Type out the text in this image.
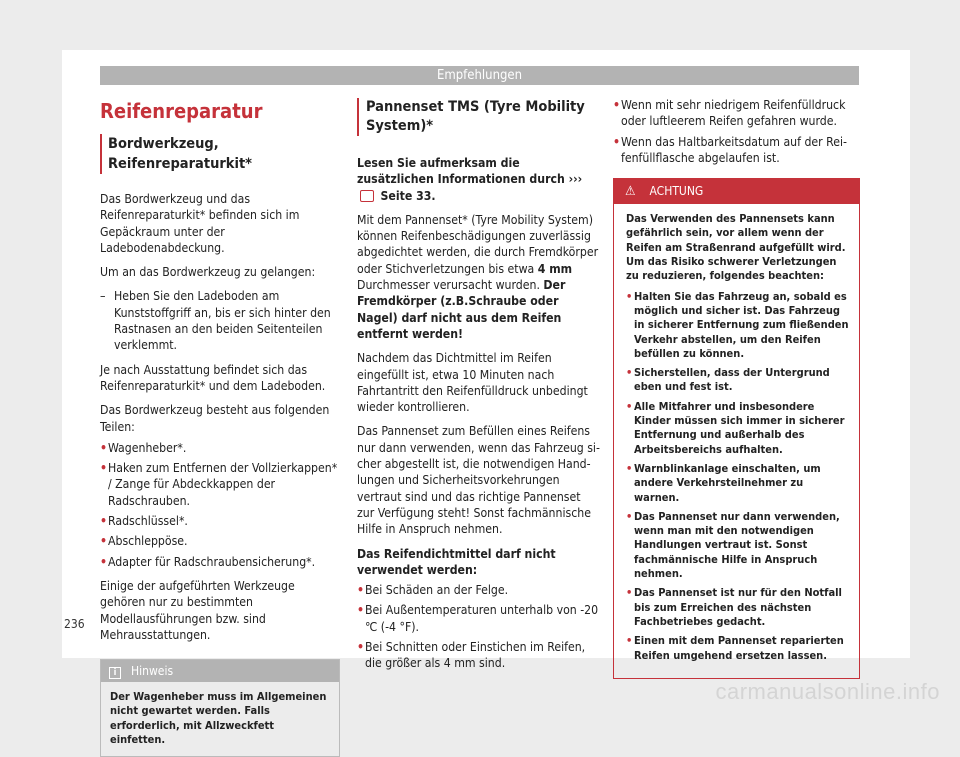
Empfehlungen
Reifenreparatur
Bordwerkzeug, Reifenreparaturkit*

Das Bordwerkzeug und das Reifenreparaturkit* befinden sich im Gepäckraum unter der Ladebodenabdeckung.

Um an das Bordwerkzeug zu gelangen:

– Heben Sie den Ladeboden am Kunststoffgriff an, bis er sich hinter den Rastnasen an den beiden Seitenteilen verklemmt.

Je nach Ausstattung befindet sich das Reifenreparaturkit* und dem Ladeboden.

Das Bordwerkzeug besteht aus folgenden Teilen:

• Wagenheber*.
• Haken zum Entfernen der Vollzierkappen* / Zange für Abdeckkappen der Radschrauben.
• Radschlüssel*.
• Abschleppöse.
• Adapter für Radschraubensicherung*.

Einige der aufgeführten Werkzeuge gehören nur zu bestimmten Modellausführungen bzw. sind Mehrausstattungen.

i Hinweis
Der Wagenheber muss im Allgemeinen nicht gewartet werden. Falls erforderlich, mit Allzweckfett einfetten.
Pannenset TMS (Tyre Mobility System)*

Lesen Sie aufmerksam die zusätzlichen Informationen durch ›››  Seite 33.

Mit dem Pannenset* (Tyre Mobility System) können Reifenbeschädigungen zuverlässig abgedichtet werden, die durch Fremdkörper oder Stichverletzungen bis etwa 4 mm Durchmesser verursacht wurden. Der Fremdkörper (z.B.Schraube oder Nagel) darf nicht aus dem Reifen entfernt werden!

Nachdem das Dichtmittel im Reifen eingefüllt ist, etwa 10 Minuten nach Fahrtantritt den Reifenfülldruck unbedingt wieder kontrollieren.

Das Pannenset zum Befüllen eines Reifens nur dann verwenden, wenn das Fahrzeug sicher abgestellt ist, die notwendigen Handlungen und Sicherheitsvorkehrungen vertraut sind und das richtige Pannenset zur Verfügung steht! Sonst fachmännische Hilfe in Anspruch nehmen.

Das Reifendichtmittel darf nicht verwendet werden:

• Bei Schäden an der Felge.
• Bei Außentemperaturen unterhalb von -20 ℃ (-4 °F).
• Bei Schnitten oder Einstichen im Reifen, die größer als 4 mm sind.
• Wenn mit sehr niedrigem Reifenfülldruck oder luftleerem Reifen gefahren wurde.
• Wenn das Haltbarkeitsdatum auf der Reifenfüllflasche abgelaufen ist.
⚠ ACHTUNG

Das Verwenden des Pannensets kann gefährlich sein, vor allem wenn der Reifen am Straßenrand aufgefüllt wird. Um das Risiko schwerer Verletzungen zu reduzieren, folgendes beachten:

• Halten Sie das Fahrzeug an, sobald es möglich und sicher ist. Das Fahrzeug in sicherer Entfernung zum fließenden Verkehr abstellen, um den Reifen befüllen zu können.
• Sicherstellen, dass der Untergrund eben und fest ist.
• Alle Mitfahrer und insbesondere Kinder müssen sich immer in sicherer Entfernung und außerhalb des Arbeitsbereichs aufhalten.
• Warnblinkanlage einschalten, um andere Verkehrsteilnehmer zu warnen.
• Das Pannenset nur dann verwenden, wenn man mit den notwendigen Handlungen vertraut ist. Sonst fachmännische Hilfe in Anspruch nehmen.
• Das Pannenset ist nur für den Notfall bis zum Erreichen des nächsten Fachbetriebes gedacht.
• Einen mit dem Pannenset reparierten Reifen umgehend ersetzen lassen.
236
carmanualsonline.info
